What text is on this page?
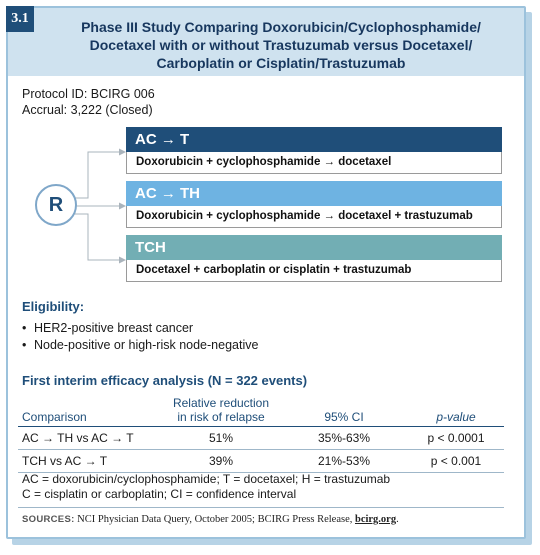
3.1
Phase III Study Comparing Doxorubicin/Cyclophosphamide/
Docetaxel with or without Trastuzumab versus Docetaxel/
Carboplatin or Cisplatin/Trastuzumab
Protocol ID: BCIRG 006
Accrual: 3,222 (Closed)
R
AC → T
Doxorubicin + cyclophosphamide → docetaxel
AC → TH
Doxorubicin + cyclophosphamide → docetaxel + trastuzumab
TCH
Docetaxel + carboplatin or cisplatin + trastuzumab
Eligibility:
• HER2-positive breast cancer
• Node-positive or high-risk node-negative
First interim efficacy analysis (N = 322 events)
Comparison	Relative reduction
in risk of relapse	95% CI	p-value
AC → TH vs AC → T	51%	35%-63%	p < 0.0001
TCH vs AC → T	39%	21%-53%	p < 0.001
AC = doxorubicin/cyclophosphamide; T = docetaxel; H = trastuzumab
C = cisplatin or carboplatin; CI = confidence interval
SOURCES: NCI Physician Data Query, October 2005; BCIRG Press Release, bcirg.org.
